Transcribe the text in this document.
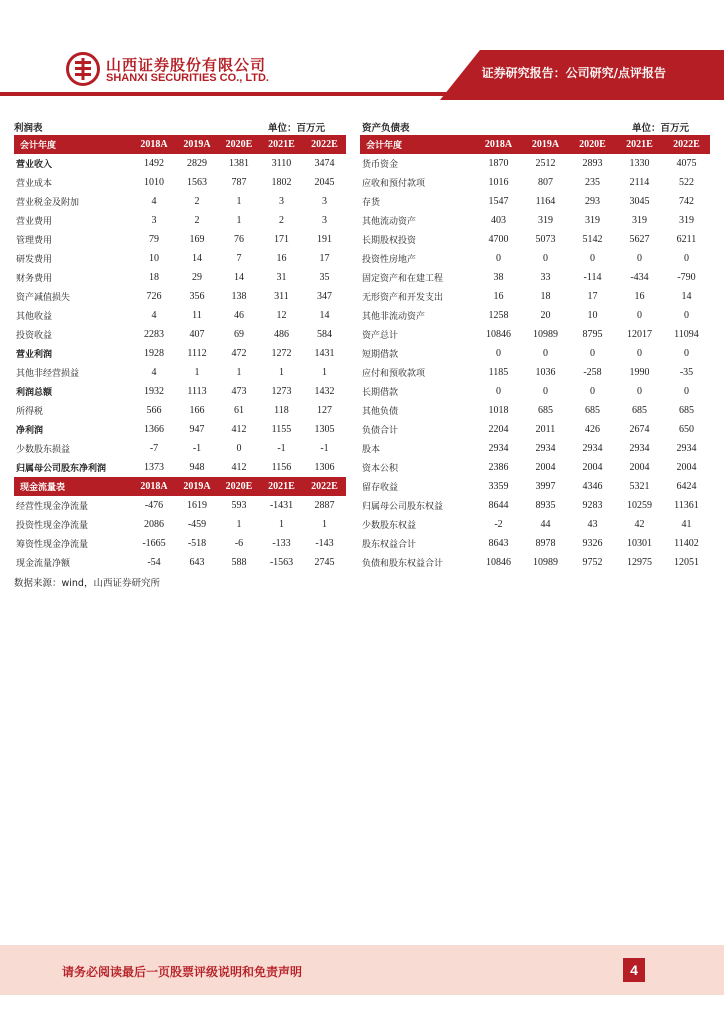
山西证券股份有限公司
SHANXI SECURITIES CO., LTD.	证券研究报告：公司研究/点评报告
利润表	单位：百万元	资产负债表	单位：百万元
会计年度	2018A	2019A	2020E	2021E	2022E
营业收入	1492	2829	1381	3110	3474
营业成本	1010	1563	787	1802	2045
营业税金及附加	4	2	1	3	3
营业费用	3	2	1	2	3
管理费用	79	169	76	171	191
研发费用	10	14	7	16	17
财务费用	18	29	14	31	35
资产减值损失	726	356	138	311	347
其他收益	4	11	46	12	14
投资收益	2283	407	69	486	584
营业利润	1928	1112	472	1272	1431
其他非经营损益	4	1	1	1	1
利润总额	1932	1113	473	1273	1432
所得税	566	166	61	118	127
净利润	1366	947	412	1155	1305
少数股东损益	-7	-1	0	-1	-1
归属母公司股东净利润	1373	948	412	1156	1306
现金流量表	2018A	2019A	2020E	2021E	2022E
经营性现金净流量	-476	1619	593	-1431	2887
投资性现金净流量	2086	-459	1	1	1
筹资性现金净流量	-1665	-518	-6	-133	-143
现金流量净额	-54	643	588	-1563	2745
会计年度	2018A	2019A	2020E	2021E	2022E
货币资金	1870	2512	2893	1330	4075
应收和预付款项	1016	807	235	2114	522
存货	1547	1164	293	3045	742
其他流动资产	403	319	319	319	319
长期股权投资	4700	5073	5142	5627	6211
投资性房地产	0	0	0	0	0
固定资产和在建工程	38	33	-114	-434	-790
无形资产和开发支出	16	18	17	16	14
其他非流动资产	1258	20	10	0	0
资产总计	10846	10989	8795	12017	11094
短期借款	0	0	0	0	0
应付和预收款项	1185	1036	-258	1990	-35
长期借款	0	0	0	0	0
其他负债	1018	685	685	685	685
负债合计	2204	2011	426	2674	650
股本	2934	2934	2934	2934	2934
资本公积	2386	2004	2004	2004	2004
留存收益	3359	3997	4346	5321	6424
归属母公司股东权益	8644	8935	9283	10259	11361
少数股东权益	-2	44	43	42	41
股东权益合计	8643	8978	9326	10301	11402
负债和股东权益合计	10846	10989	9752	12975	12051
数据来源：wind，山西证券研究所
请务必阅读最后一页股票评级说明和免责声明	4
